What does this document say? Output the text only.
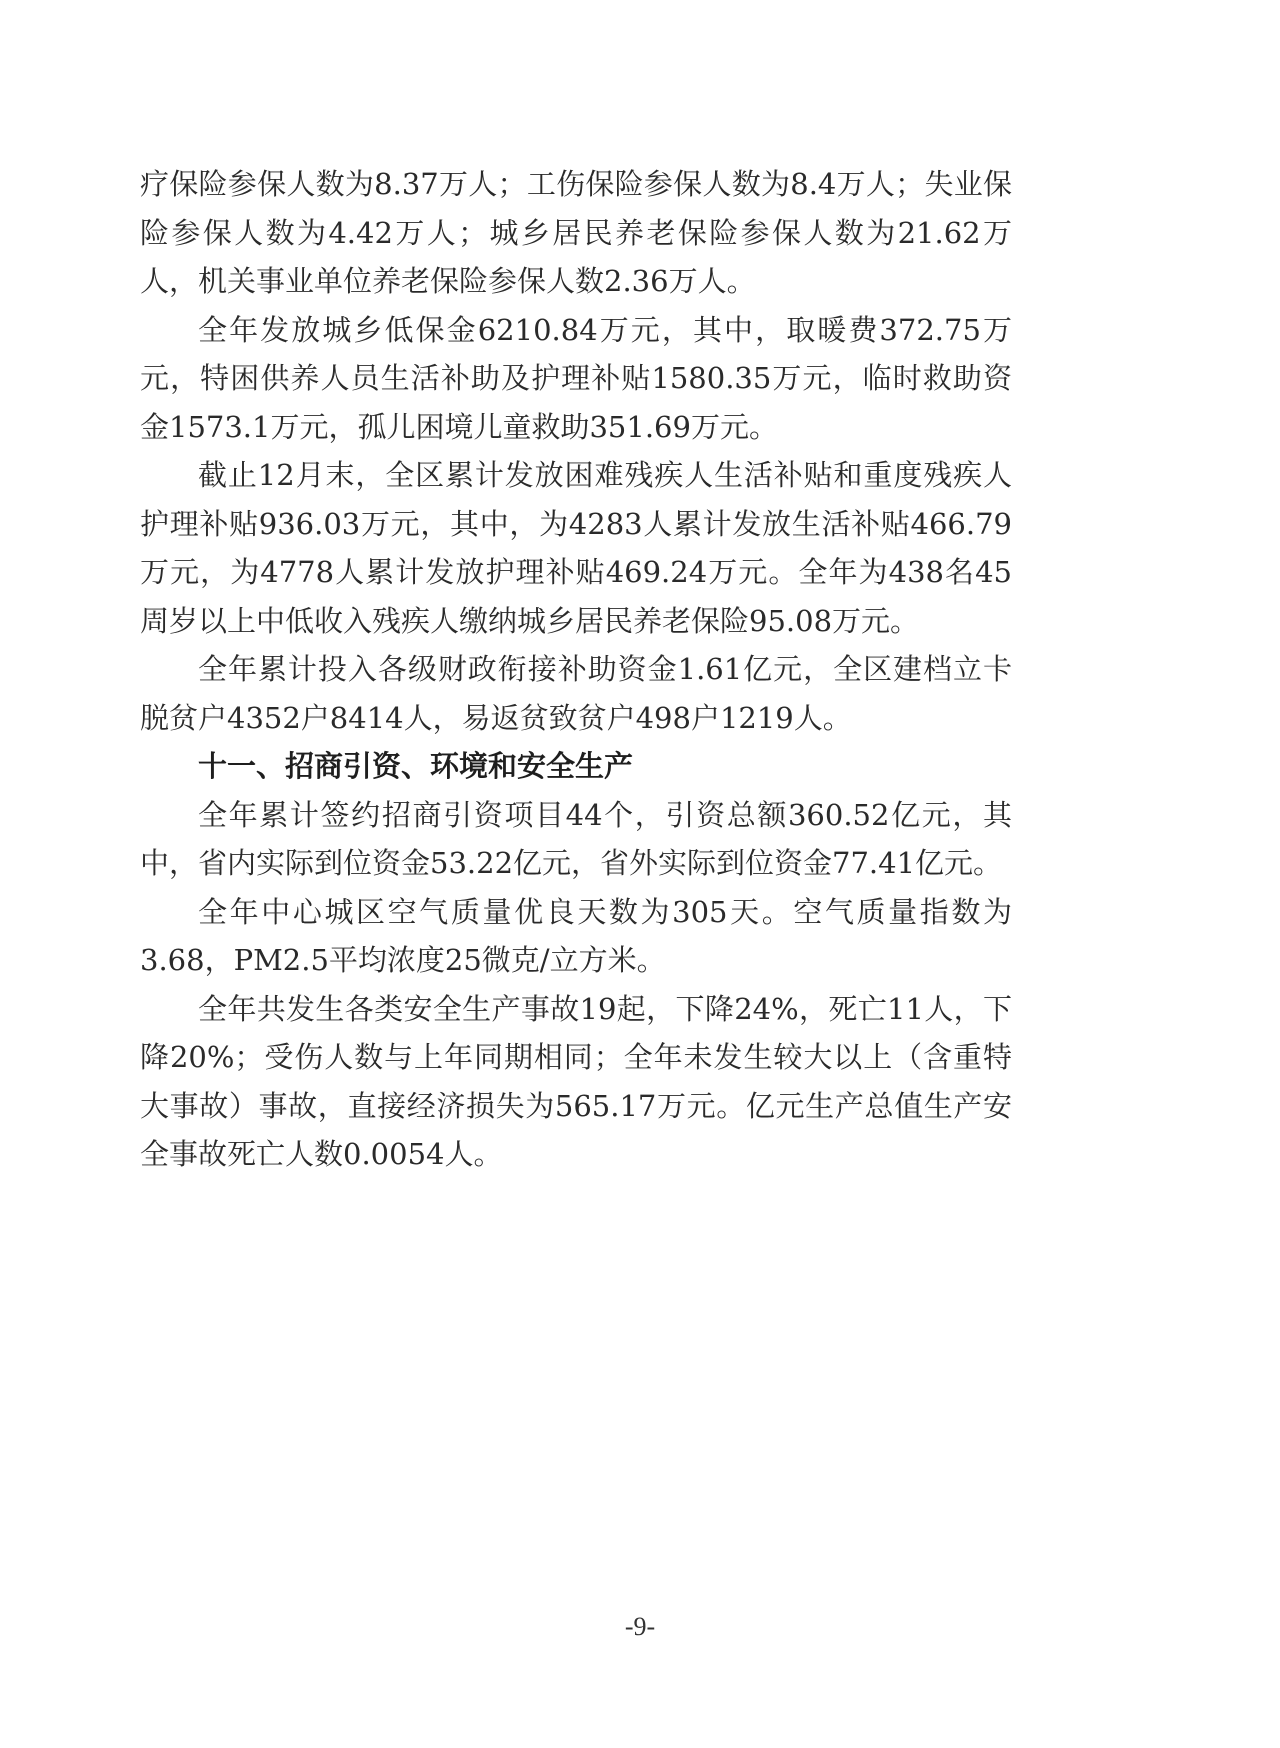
疗保险参保人数为8.37万人；工伤保险参保人数为8.4万人；失业保险参保人数为4.42万人；城乡居民养老保险参保人数为21.62万人，机关事业单位养老保险参保人数2.36万人。

全年发放城乡低保金6210.84万元，其中，取暖费372.75万元，特困供养人员生活补助及护理补贴1580.35万元，临时救助资金1573.1万元，孤儿困境儿童救助351.69万元。

截止12月末，全区累计发放困难残疾人生活补贴和重度残疾人护理补贴936.03万元，其中，为4283人累计发放生活补贴466.79万元，为4778人累计发放护理补贴469.24万元。全年为438名45周岁以上中低收入残疾人缴纳城乡居民养老保险95.08万元。

全年累计投入各级财政衔接补助资金1.61亿元，全区建档立卡脱贫户4352户8414人，易返贫致贫户498户1219人。

十一、招商引资、环境和安全生产

全年累计签约招商引资项目44个，引资总额360.52亿元，其中，省内实际到位资金53.22亿元，省外实际到位资金77.41亿元。

全年中心城区空气质量优良天数为305天。空气质量指数为3.68，PM2.5平均浓度25微克/立方米。

全年共发生各类安全生产事故19起，下降24%，死亡11人，下降20%；受伤人数与上年同期相同；全年未发生较大以上（含重特大事故）事故，直接经济损失为565.17万元。亿元生产总值生产安全事故死亡人数0.0054人。

-9-
